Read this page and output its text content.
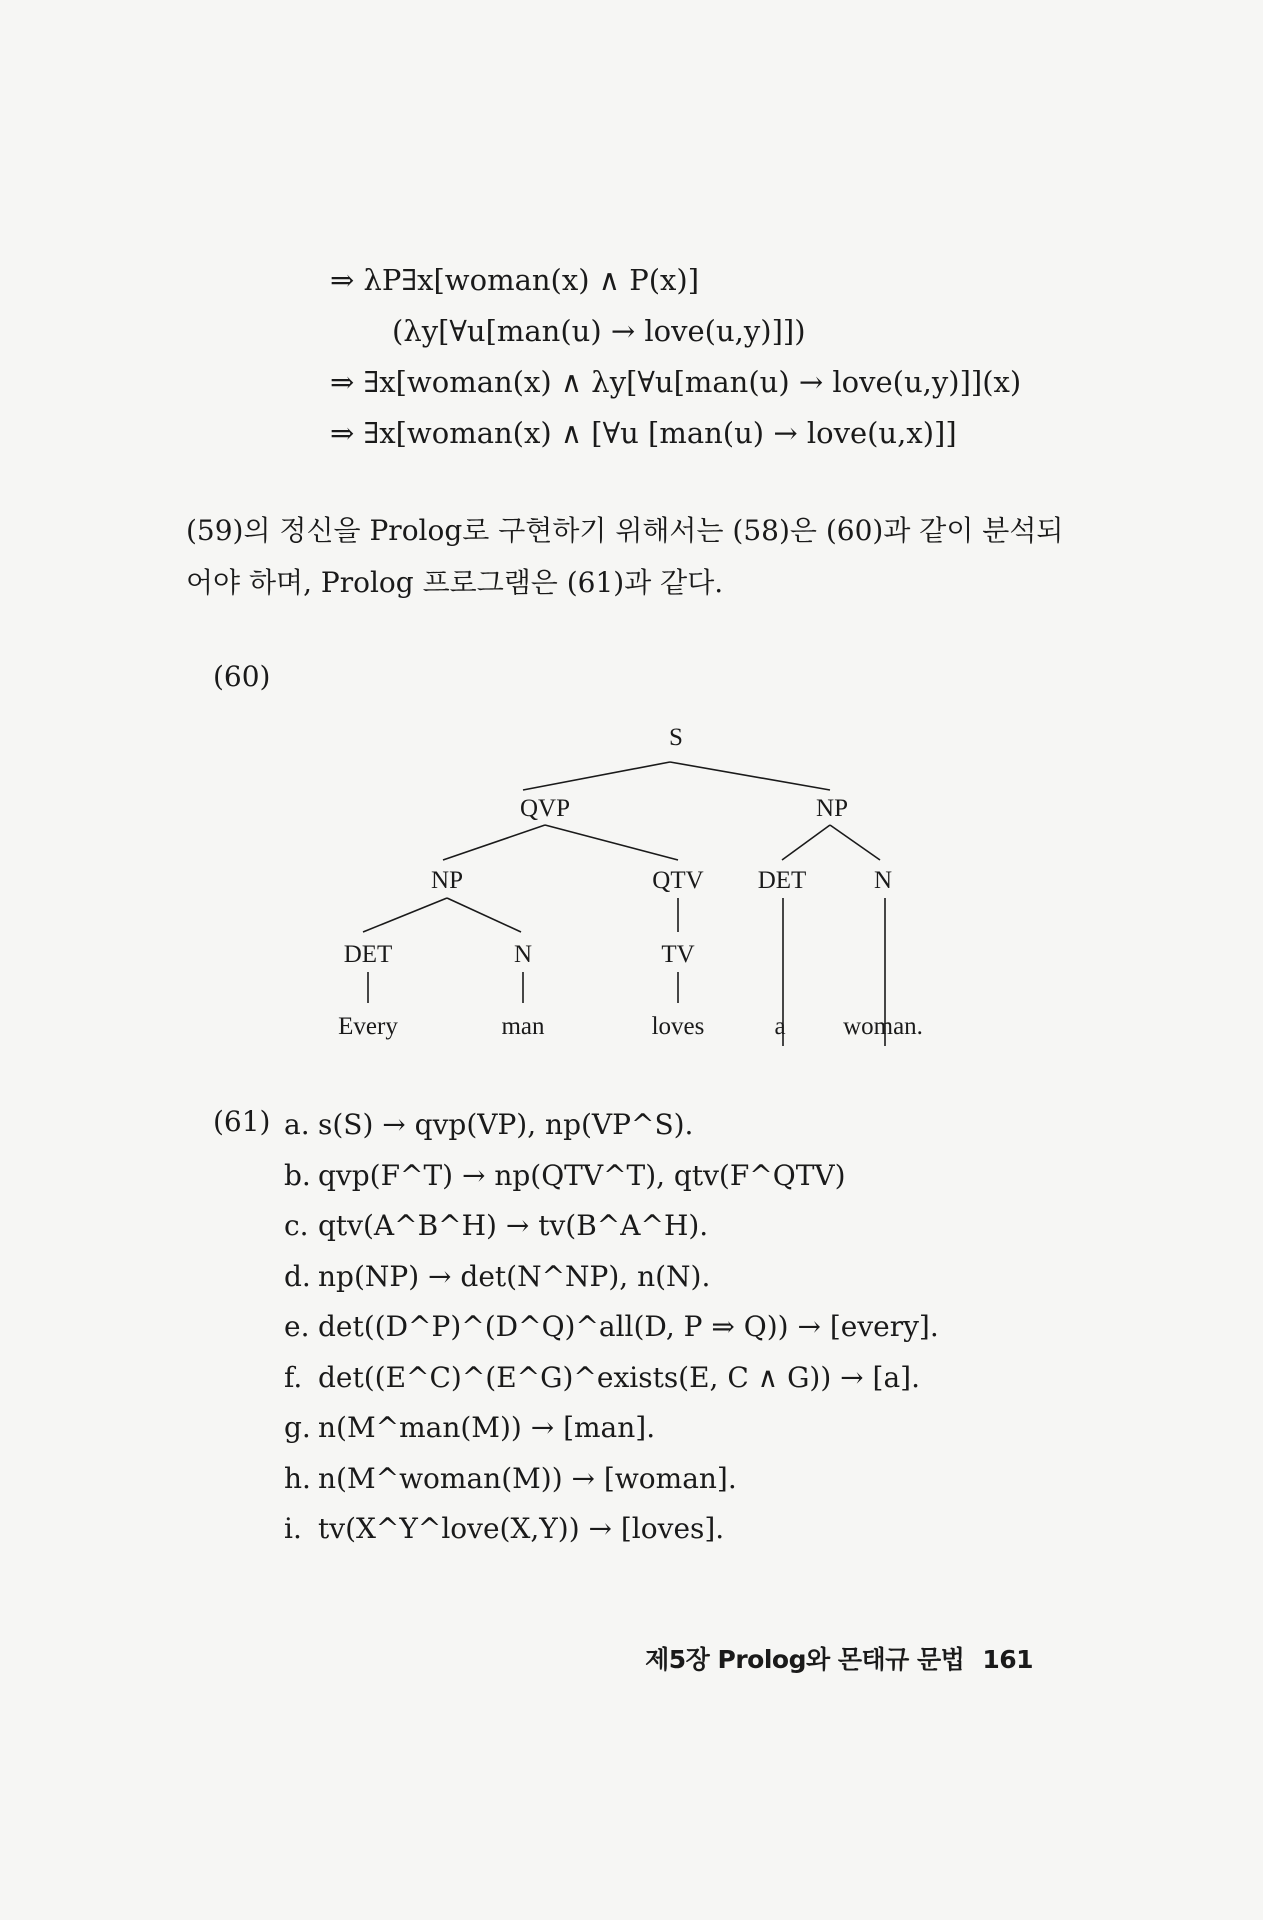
⇒ λP∃x[woman(x) ∧ P(x)]
(λy[∀u[man(u) → love(u,y)]])
⇒ ∃x[woman(x) ∧ λy[∀u[man(u) → love(u,y)]](x)
⇒ ∃x[woman(x) ∧ [∀u [man(u) → love(u,x)]]
(59)의 정신을 Prolog로 구현하기 위해서는 (58)은 (60)과 같이 분석되어야 하며, Prolog 프로그램은 (61)과 같다.
(60)
S
QVP	NP
NP	QTV DET	N
DET	N	TV
Every	man	loves	a woman.
(61) a. s(S) → qvp(VP), np(VP^S).
b. qvp(F^T) → np(QTV^T), qtv(F^QTV)
c. qtv(A^B^H) → tv(B^A^H).
d. np(NP) → det(N^NP), n(N).
e. det((D^P)^(D^Q)^all(D, P ⇒ Q)) → [every].
f. det((E^C)^(E^G)^exists(E, C ∧ G)) → [a].
g. n(M^man(M)) → [man].
h. n(M^woman(M)) → [woman].
i. tv(X^Y^love(X,Y)) → [loves].
제5장 Prolog와 몬태규 문법 161
